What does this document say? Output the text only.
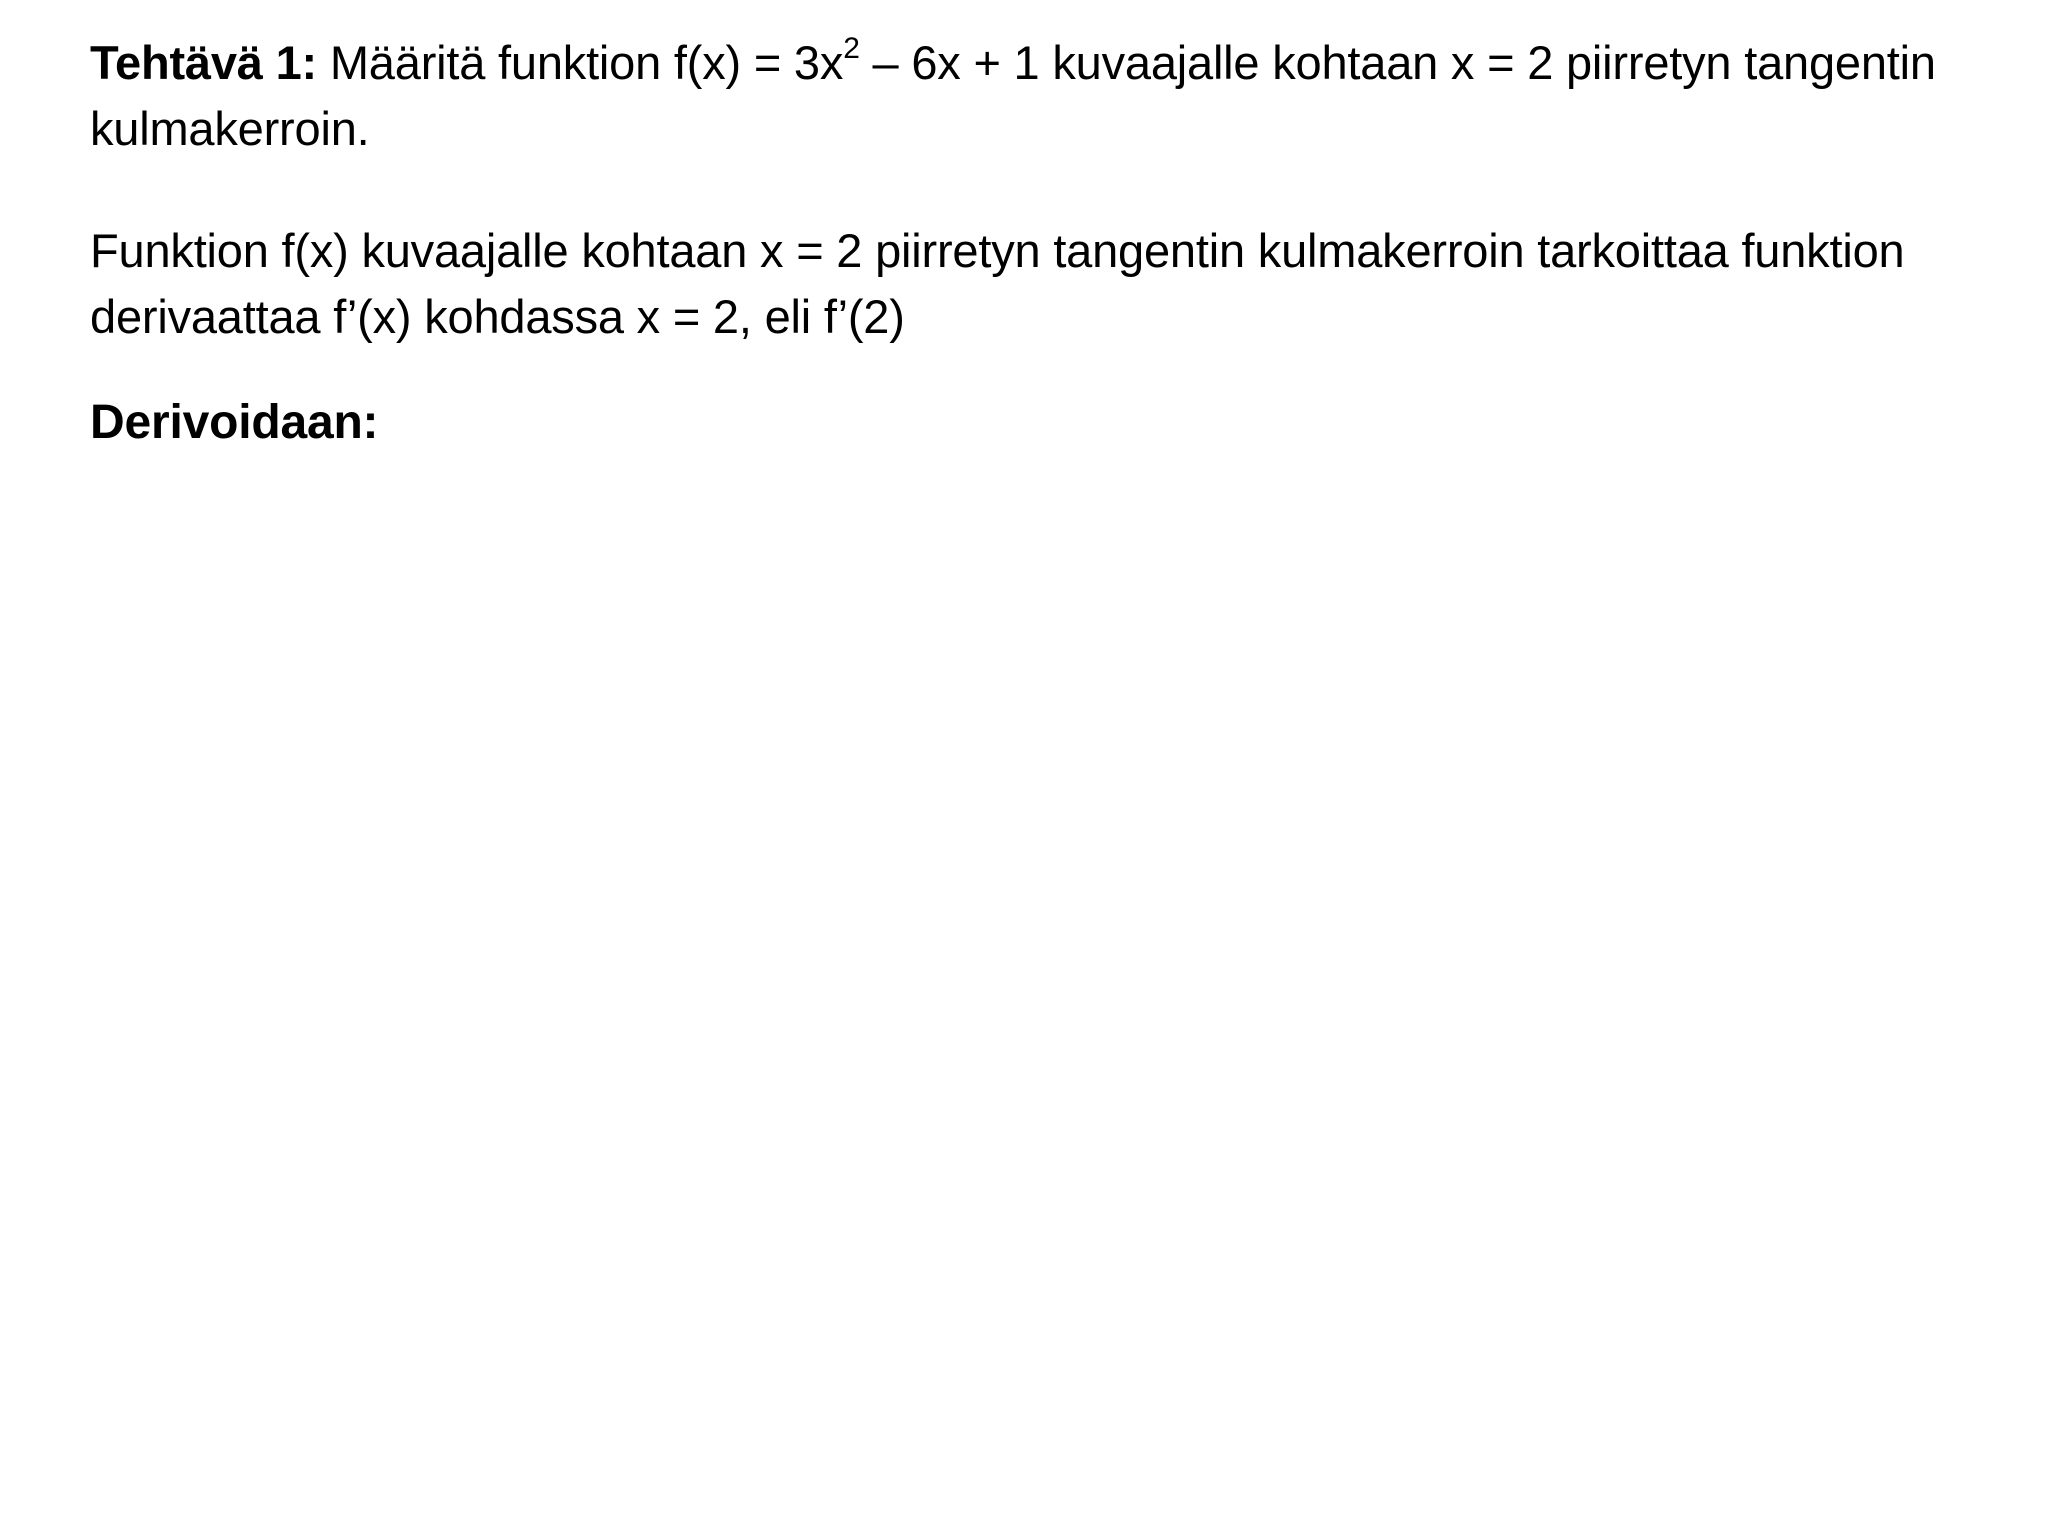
Tehtävä 1: Määritä funktion $f(x) = 3x^2 - 6x + 1$ kuvaajalle kohtaan x = 2 piirretyn tangentin kulmakerroin.
Funktion f(x) kuvaajalle kohtaan x = 2 piirretyn tangentin kulmakerroin tarkoittaa funktion derivaattaa f’(x) kohdassa x = 2, eli f’(2)
Derivoidaan:
